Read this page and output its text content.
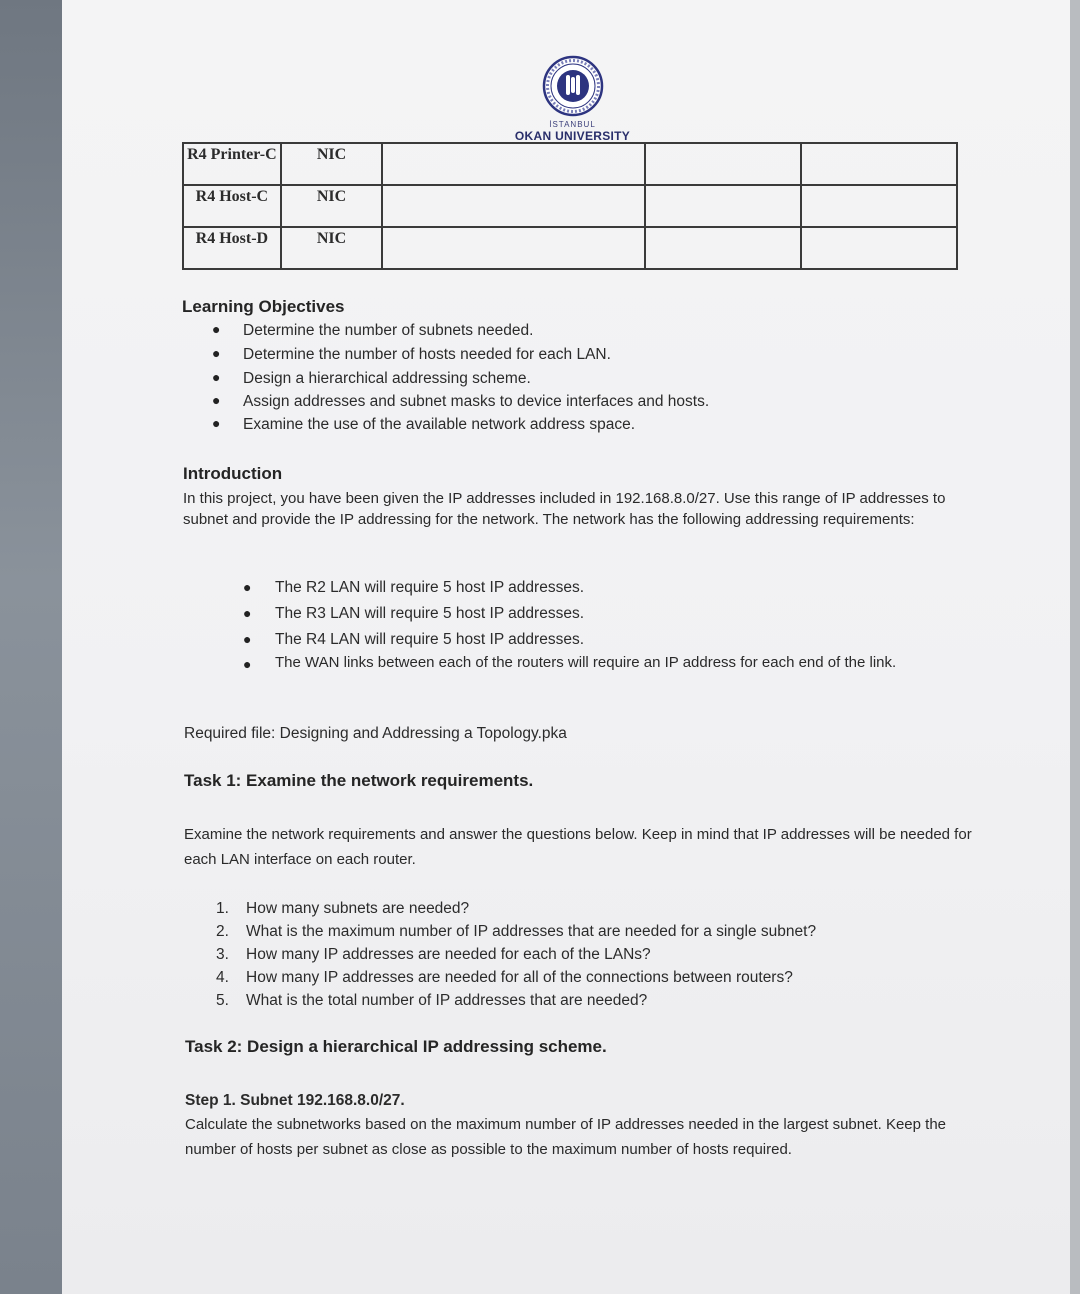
İSTANBUL
OKAN UNIVERSITY
R4 Printer-C	NIC			
R4 Host-C	NIC			
R4 Host-D	NIC			
Learning Objectives
● Determine the number of subnets needed.
● Determine the number of hosts needed for each LAN.
● Design a hierarchical addressing scheme.
● Assign addresses and subnet masks to device interfaces and hosts.
● Examine the use of the available network address space.
Introduction
In this project, you have been given the IP addresses included in 192.168.8.0/27. Use this range of IP addresses to subnet and provide the IP addressing for the network. The network has the following addressing requirements:
● The R2 LAN will require 5 host IP addresses.
● The R3 LAN will require 5 host IP addresses.
● The R4 LAN will require 5 host IP addresses.
● The WAN links between each of the routers will require an IP address for each end of the link.
Required file: Designing and Addressing a Topology.pka
Task 1: Examine the network requirements.
Examine the network requirements and answer the questions below. Keep in mind that IP addresses will be needed for each LAN interface on each router.
1. How many subnets are needed?
2. What is the maximum number of IP addresses that are needed for a single subnet?
3. How many IP addresses are needed for each of the LANs?
4. How many IP addresses are needed for all of the connections between routers?
5. What is the total number of IP addresses that are needed?
Task 2: Design a hierarchical IP addressing scheme.
Step 1. Subnet 192.168.8.0/27.
Calculate the subnetworks based on the maximum number of IP addresses needed in the largest subnet. Keep the number of hosts per subnet as close as possible to the maximum number of hosts required.
